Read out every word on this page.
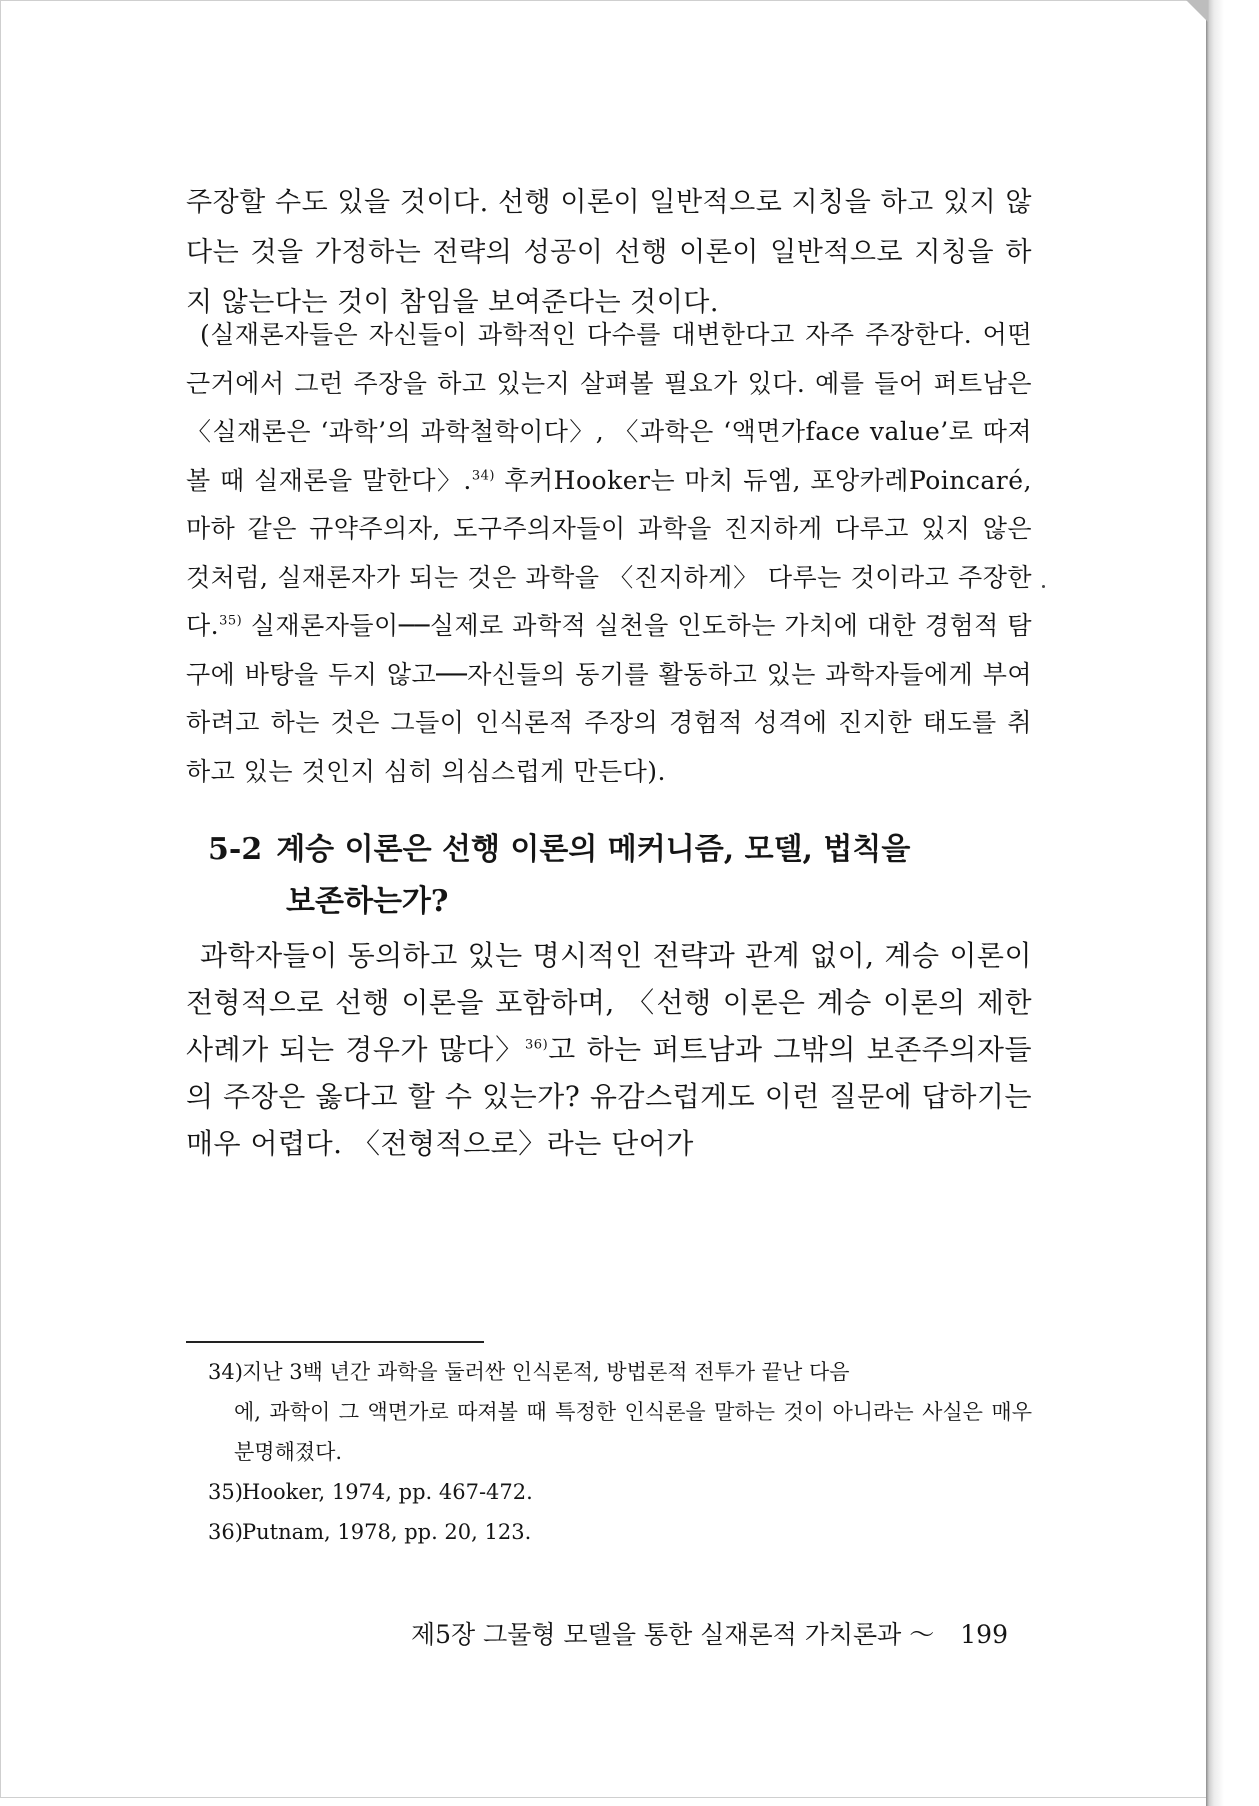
주장할 수도 있을 것이다. 선행 이론이 일반적으로 지칭을 하고 있지 않다는 것을 가정하는 전략의 성공이 선행 이론이 일반적으로 지칭을 하지 않는다는 것이 참임을 보여준다는 것이다.

(실재론자들은 자신들이 과학적인 다수를 대변한다고 자주 주장한다. 어떤 근거에서 그런 주장을 하고 있는지 살펴볼 필요가 있다. 예를 들어 퍼트남은 〈실재론은 ‘과학’의 과학철학이다〉, 〈과학은 ‘액면가face value’로 따져볼 때 실재론을 말한다〉.$^{34)}$ 후커Hooker는 마치 듀엠, 포앙카레Poincaré, 마하 같은 규약주의자, 도구주의자들이 과학을 진지하게 다루고 있지 않은 것처럼, 실재론자가 되는 것은 과학을 〈진지하게〉 다루는 것이라고 주장한다.$^{35)}$ 실재론자들이──실제로 과학적 실천을 인도하는 가치에 대한 경험적 탐구에 바탕을 두지 않고──자신들의 동기를 활동하고 있는 과학자들에게 부여하려고 하는 것은 그들이 인식론적 주장의 경험적 성격에 진지한 태도를 취하고 있는 것인지 심히 의심스럽게 만든다).

5-2 계승 이론은 선행 이론의 메커니즘, 모델, 법칙을
보존하는가?

과학자들이 동의하고 있는 명시적인 전략과 관계 없이, 계승 이론이 전형적으로 선행 이론을 포함하며, 〈선행 이론은 계승 이론의 제한 사례가 되는 경우가 많다〉$^{36)}$고 하는 퍼트남과 그밖의 보존주의자들의 주장은 옳다고 할 수 있는가? 유감스럽게도 이런 질문에 답하기는 매우 어렵다. 〈전형적으로〉라는 단어가

34)지난 3백 년간 과학을 둘러싼 인식론적, 방법론적 전투가 끝난 다음
에, 과학이 그 액면가로 따져볼 때 특정한 인식론을 말하는 것이 아니라는 사실은 매우 분명해졌다.

35)Hooker, 1974, pp. 467-472.

36)Putnam, 1978, pp. 20, 123.

제5장 그물형 모델을 통한 실재론적 가치론과 ～ 199
